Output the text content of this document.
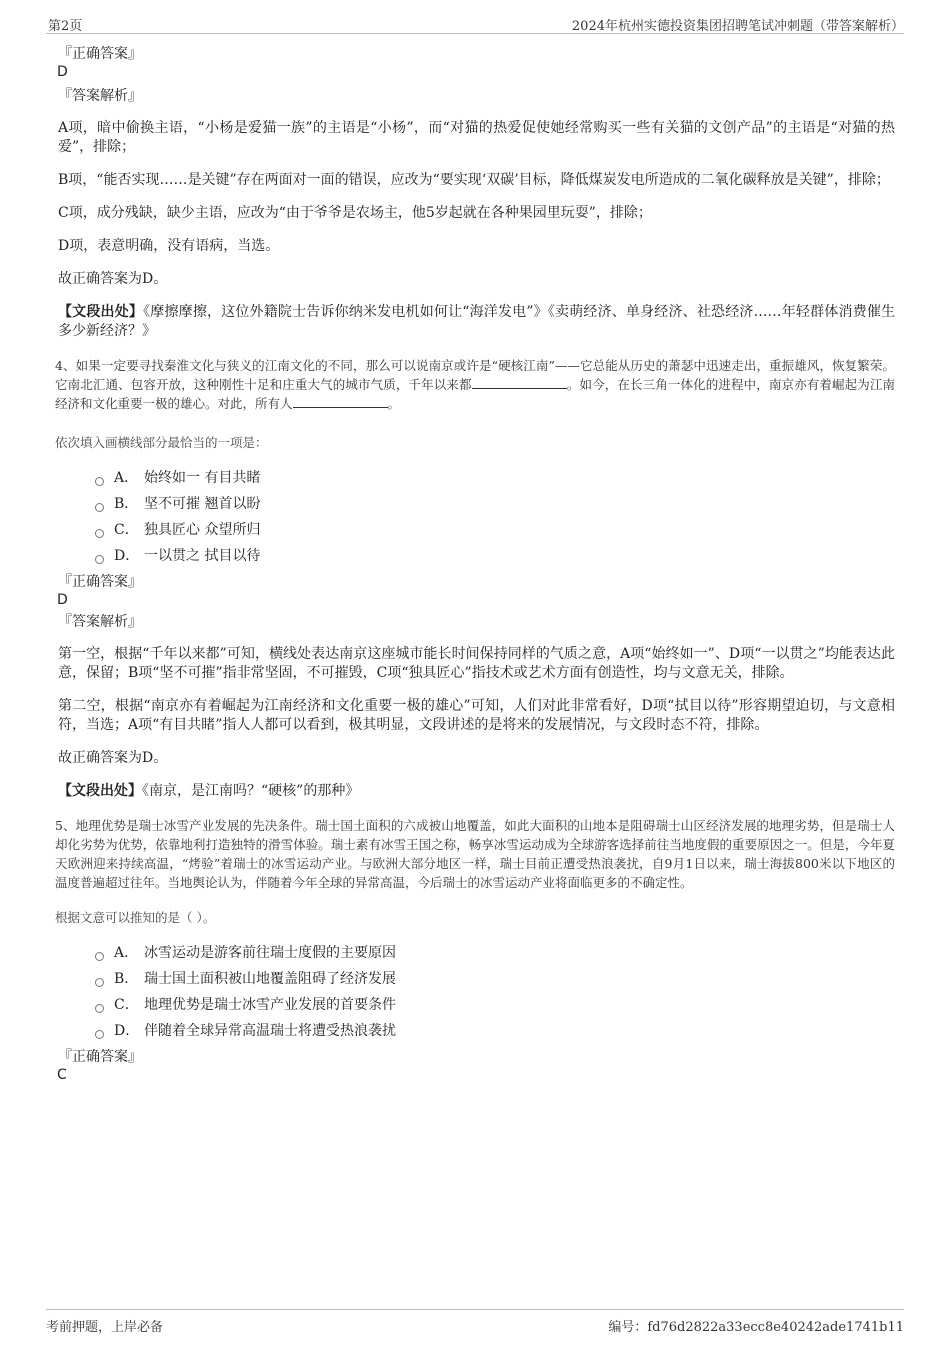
第2页	2024年杭州实德投资集团招聘笔试冲刺题（带答案解析）

『正确答案』

D

『答案解析』

A项，暗中偷换主语，“小杨是爱猫一族”的主语是“小杨”，而“对猫的热爱促使她经常购买一些有关猫的文创产品”的主语是“对猫的热爱”，排除；

B项，“能否实现……是关键”存在两面对一面的错误，应改为“要实现‘双碳’目标，降低煤炭发电所造成的二氧化碳释放是关键”，排除；

C项，成分残缺，缺少主语，应改为“由于爷爷是农场主，他5岁起就在各种果园里玩耍”，排除；

D项，表意明确，没有语病，当选。

故正确答案为D。

【文段出处】《摩擦摩擦，这位外籍院士告诉你纳米发电机如何让“海洋发电”》《卖萌经济、单身经济、社恐经济……年轻群体消费催生多少新经济？》

4、如果一定要寻找秦淮文化与狭义的江南文化的不同，那么可以说南京或许是“硬核江南”——它总能从历史的萧瑟中迅速走出，重振雄风，恢复繁荣。它南北汇通、包容开放，这种刚性十足和庄重大气的城市气质，千年以来都	。如今，在长三角一体化的进程中，南京亦有着崛起为江南经济和文化重要一极的雄心。对此，所有人	。

依次填入画横线部分最恰当的一项是：

A． 始终如一 有目共睹
B． 坚不可摧 翘首以盼
C． 独具匠心 众望所归
D． 一以贯之 拭目以待

『正确答案』

D

『答案解析』

第一空，根据“千年以来都”可知，横线处表达南京这座城市能长时间保持同样的气质之意，A项“始终如一”、D项“一以贯之”均能表达此意，保留；B项“坚不可摧”指非常坚固，不可摧毁，C项“独具匠心”指技术或艺术方面有创造性，均与文意无关，排除。

第二空，根据“南京亦有着崛起为江南经济和文化重要一极的雄心”可知，人们对此非常看好，D项“拭目以待”形容期望迫切，与文意相符，当选；A项“有目共睹”指人人都可以看到，极其明显，文段讲述的是将来的发展情况，与文段时态不符，排除。

故正确答案为D。

【文段出处】《南京，是江南吗？“硬核”的那种》

5、地理优势是瑞士冰雪产业发展的先决条件。瑞士国土面积的六成被山地覆盖，如此大面积的山地本是阻碍瑞士山区经济发展的地理劣势，但是瑞士人却化劣势为优势，依靠地利打造独特的滑雪体验。瑞士素有冰雪王国之称，畅享冰雪运动成为全球游客选择前往当地度假的重要原因之一。但是，今年夏天欧洲迎来持续高温，“烤验”着瑞士的冰雪运动产业。与欧洲大部分地区一样，瑞士目前正遭受热浪袭扰，自9月1日以来，瑞士海拔800米以下地区的温度普遍超过往年。当地舆论认为，伴随着今年全球的异常高温，今后瑞士的冰雪运动产业将面临更多的不确定性。

根据文意可以推知的是（ ）。

A． 冰雪运动是游客前往瑞士度假的主要原因
B． 瑞士国土面积被山地覆盖阻碍了经济发展
C． 地理优势是瑞士冰雪产业发展的首要条件
D． 伴随着全球异常高温瑞士将遭受热浪袭扰

『正确答案』

C

考前押题，上岸必备	编号：fd76d2822a33ecc8e40242ade1741b11
